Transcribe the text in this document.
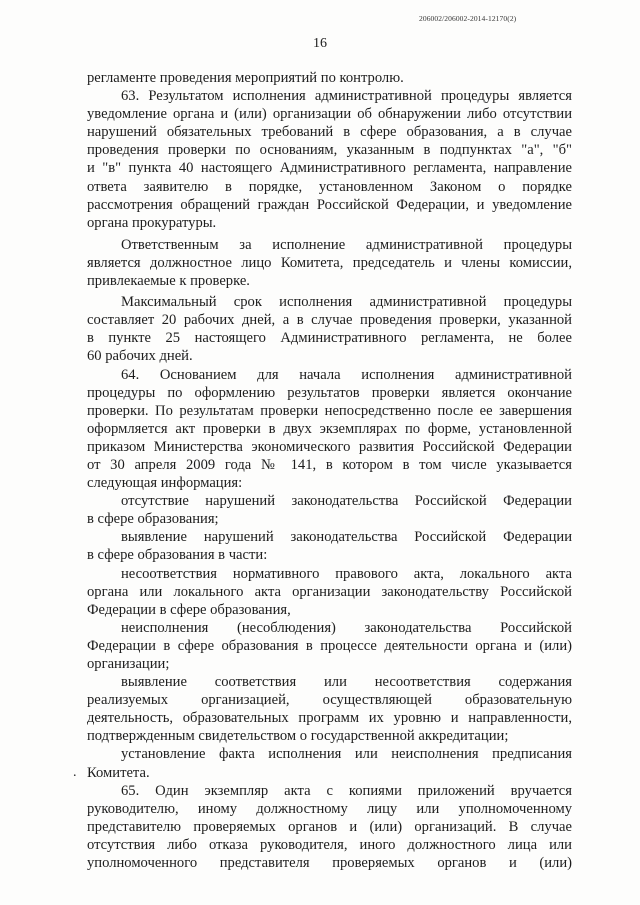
206002/206002-2014-12170(2)
16
регламенте проведения мероприятий по контролю.
63. Результатом исполнения административной процедуры является
уведомление органа и (или) организации об обнаружении либо отсутствии
нарушений обязательных требований в сфере образования, а в случае
проведения проверки по основаниям, указанным в подпунктах "а", "б"
и "в" пункта 40 настоящего Административного регламента, направление
ответа заявителю в порядке, установленном Законом о порядке
рассмотрения обращений граждан Российской Федерации, и уведомление
органа прокуратуры.
Ответственным за исполнение административной процедуры
является должностное лицо Комитета, председатель и члены комиссии,
привлекаемые к проверке.
Максимальный срок исполнения административной процедуры
составляет 20 рабочих дней, а в случае проведения проверки, указанной
в пункте 25 настоящего Административного регламента, не более
60 рабочих дней.
64. Основанием для начала исполнения административной
процедуры по оформлению результатов проверки является окончание
проверки. По результатам проверки непосредственно после ее завершения
оформляется акт проверки в двух экземплярах по форме, установленной
приказом Министерства экономического развития Российской Федерации
от 30 апреля 2009 года № 141, в котором в том числе указывается
следующая информация:
отсутствие нарушений законодательства Российской Федерации
в сфере образования;
выявление нарушений законодательства Российской Федерации
в сфере образования в части:
несоответствия нормативного правового акта, локального акта
органа или локального акта организации законодательству Российской
Федерации в сфере образования,
неисполнения (несоблюдения) законодательства Российской
Федерации в сфере образования в процессе деятельности органа и (или)
организации;
выявление соответствия или несоответствия содержания
реализуемых организацией, осуществляющей образовательную
деятельность, образовательных программ их уровню и направленности,
подтвержденным свидетельством о государственной аккредитации;
установление факта исполнения или неисполнения предписания
. Комитета.
65. Один экземпляр акта с копиями приложений вручается
руководителю, иному должностному лицу или уполномоченному
представителю проверяемых органов и (или) организаций. В случае
отсутствия либо отказа руководителя, иного должностного лица или
уполномоченного представителя проверяемых органов и (или)
